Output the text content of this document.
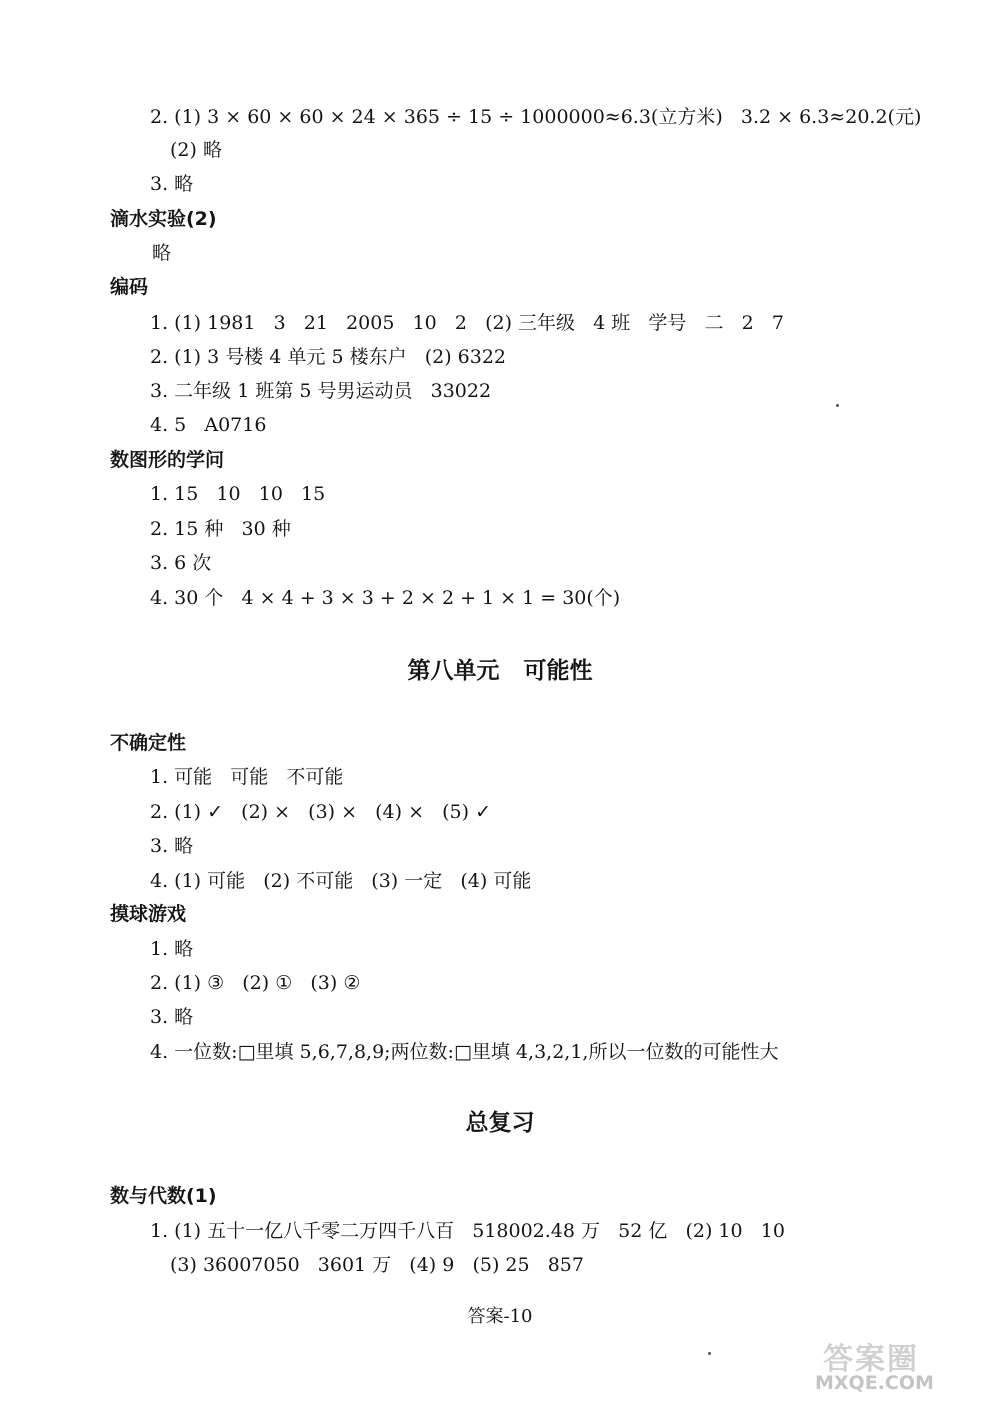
2. (1) 3 × 60 × 60 × 24 × 365 ÷ 15 ÷ 1000000≈6.3(立方米)   3.2 × 6.3≈20.2(元)
(2) 略
3. 略
滴水实验(2)
略
编码
1. (1) 1981   3   21   2005   10   2   (2) 三年级   4 班   学号   二   2   7
2. (1) 3 号楼 4 单元 5 楼东户   (2) 6322
3. 二年级 1 班第 5 号男运动员   33022
4. 5   A0716
数图形的学问
1. 15   10   10   15
2. 15 种   30 种
3. 6 次
4. 30 个   4 × 4 + 3 × 3 + 2 × 2 + 1 × 1 = 30(个)
第八单元   可能性
不确定性
1. 可能   可能   不可能
2. (1) ✓   (2) ×   (3) ×   (4) ×   (5) ✓
3. 略
4. (1) 可能   (2) 不可能   (3) 一定   (4) 可能
摸球游戏
1. 略
2. (1) ③   (2) ①   (3) ②
3. 略
4. 一位数:□里填 5,6,7,8,9;两位数:□里填 4,3,2,1,所以一位数的可能性大
总复习
数与代数(1)
1. (1) 五十一亿八千零二万四千八百   518002.48 万   52 亿   (2) 10   10
(3) 36007050   3601 万   (4) 9   (5) 25   857
答案-10
答案圈
MXQE.COM
